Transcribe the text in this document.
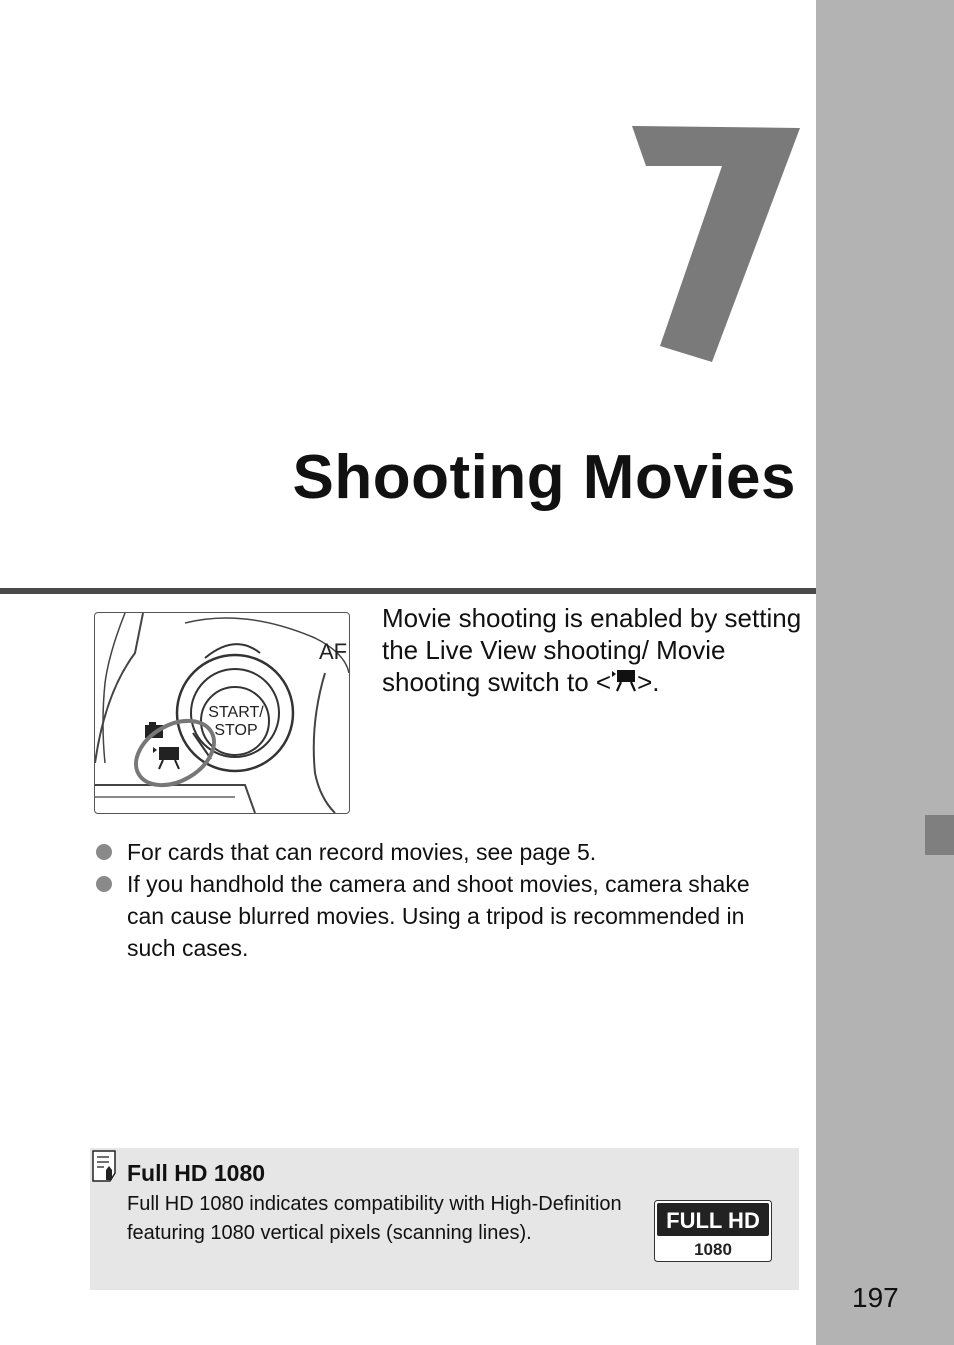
Shooting Movies
START/
STOP
AF

Movie shooting is enabled by setting the Live View shooting/ Movie shooting switch to < >.

For cards that can record movies, see page 5.
If you handhold the camera and shoot movies, camera shake can cause blurred movies. Using a tripod is recommended in such cases.

Full HD 1080

Full HD 1080 indicates compatibility with High-Definition featuring 1080 vertical pixels (scanning lines).	FULL HD
1080
197
